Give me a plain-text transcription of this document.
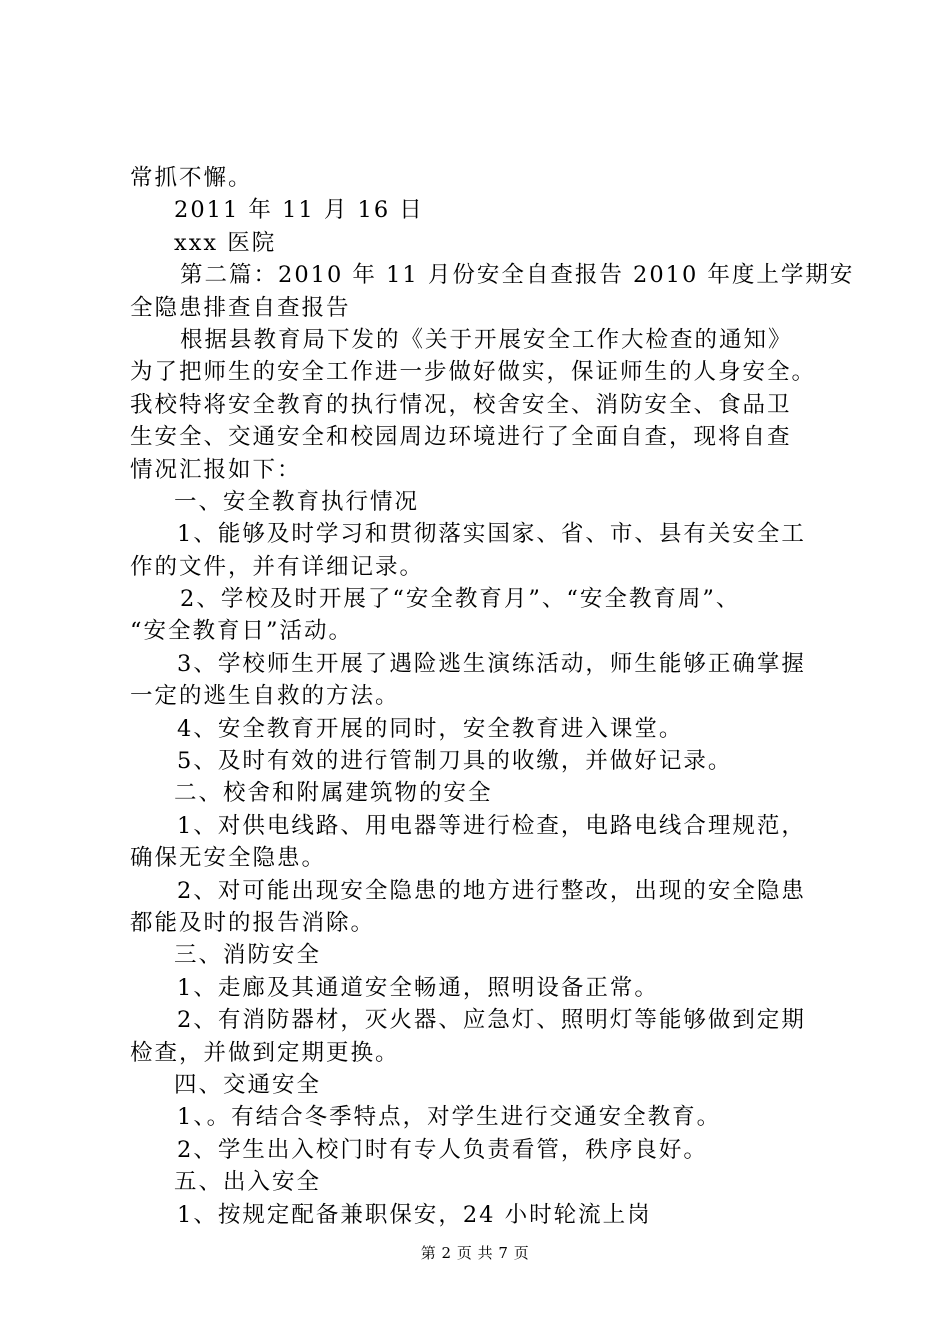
常抓不懈。
2011 年 11 月 16 日
xxx 医院
第二篇：2010 年 11 月份安全自查报告 2010 年度上学期安
全隐患排查自查报告
根据县教育局下发的《关于开展安全工作大检查的通知》
为了把师生的安全工作进一步做好做实，保证师生的人身安全。
我校特将安全教育的执行情况，校舍安全、消防安全、食品卫
生安全、交通安全和校园周边环境进行了全面自查，现将自查
情况汇报如下：
一、安全教育执行情况
1、能够及时学习和贯彻落实国家、省、市、县有关安全工
作的文件，并有详细记录。
2、学校及时开展了“安全教育月”、“安全教育周”、
“安全教育日”活动。
3、学校师生开展了遇险逃生演练活动，师生能够正确掌握
一定的逃生自救的方法。
4、安全教育开展的同时，安全教育进入课堂。
5、及时有效的进行管制刀具的收缴，并做好记录。
二、校舍和附属建筑物的安全
1、对供电线路、用电器等进行检查，电路电线合理规范，
确保无安全隐患。
2、对可能出现安全隐患的地方进行整改，出现的安全隐患
都能及时的报告消除。
三、消防安全
1、走廊及其通道安全畅通，照明设备正常。
2、有消防器材，灭火器、应急灯、照明灯等能够做到定期
检查，并做到定期更换。
四、交通安全
1、。有结合冬季特点，对学生进行交通安全教育。
2、学生出入校门时有专人负责看管，秩序良好。
五、出入安全
1、按规定配备兼职保安，24 小时轮流上岗
第 2 页 共 7 页
